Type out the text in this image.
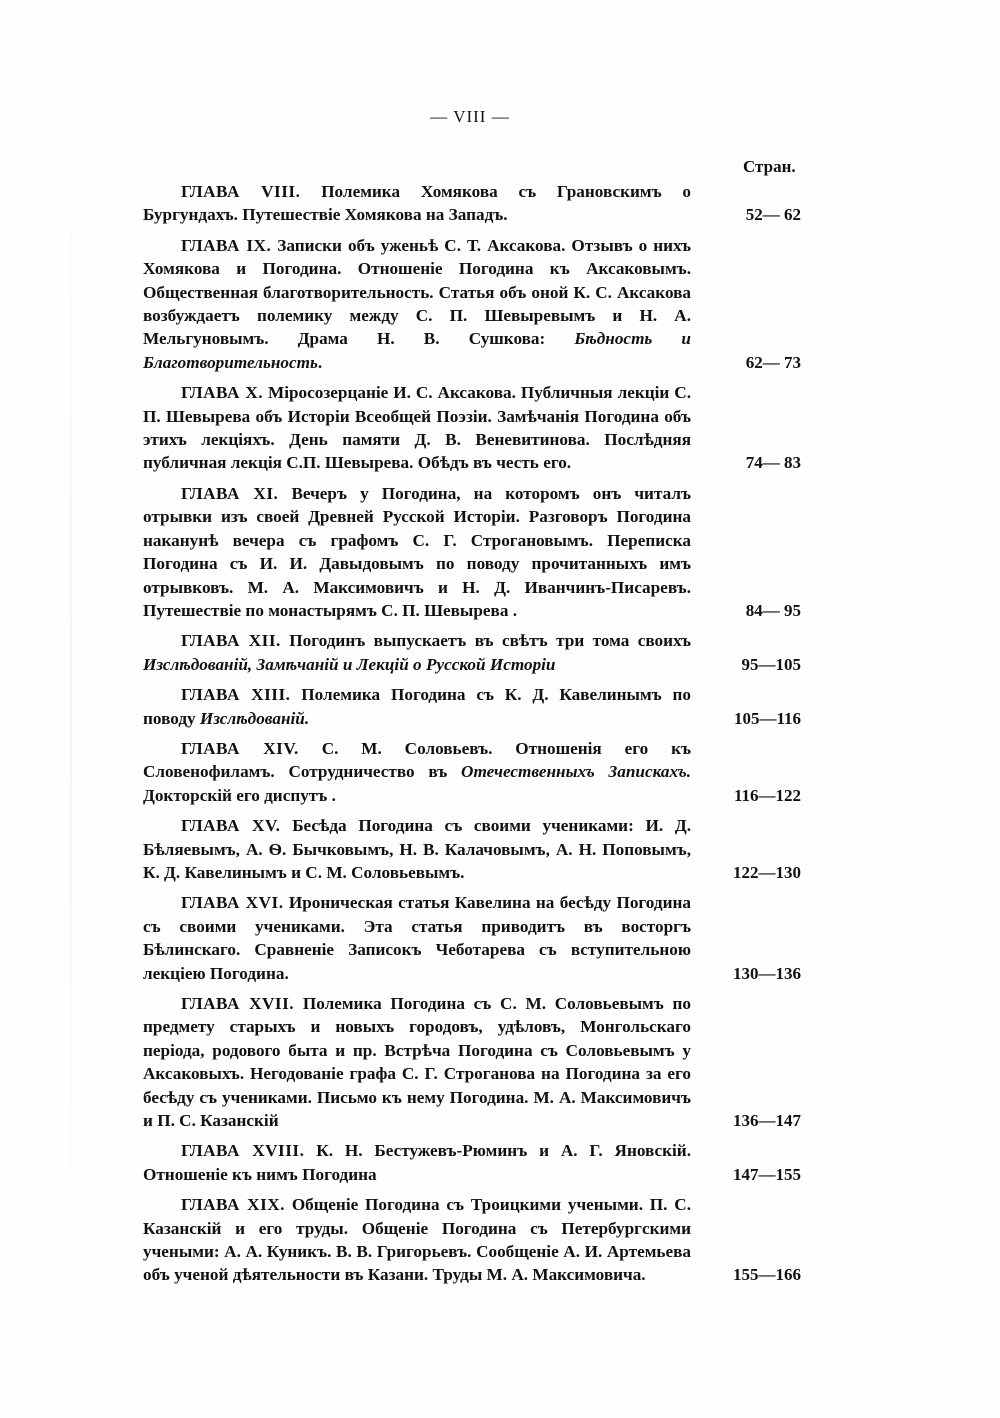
— VIII —
Стран.
ГЛАВА VIII. Полемика Хомякова съ Грановскимъ о Бургундахъ. Путешествіе Хомякова на Западъ.	52— 62
ГЛАВА IX. Записки объ уженьѣ С. Т. Аксакова. Отзывъ о нихъ Хомякова и Погодина. Отношеніе Погодина къ Аксаковымъ. Общественная благотворительность. Статья объ оной К. С. Аксакова возбуждаетъ полемику между С. П. Шевыревымъ и Н. А. Мельгуновымъ. Драма Н. В. Сушкова: Бѣдность и Благотворительность.	62— 73
ГЛАВА X. Міросозерцаніе И. С. Аксакова. Публичныя лекціи С. П. Шевырева объ Исторіи Всеобщей Поэзіи. Замѣчанія Погодина объ этихъ лекціяхъ. День памяти Д. В. Веневитинова. Послѣдняя публичная лекція С.П. Шевырева. Обѣдъ въ честь его.	74— 83
ГЛАВА XI. Вечеръ у Погодина, на которомъ онъ читалъ отрывки изъ своей Древней Русской Исторіи. Разговоръ Погодина наканунѣ вечера съ графомъ С. Г. Строгановымъ. Переписка Погодина съ И. И. Давыдовымъ по поводу прочитанныхъ имъ отрывковъ. М. А. Максимовичъ и Н. Д. Иванчинъ-Писаревъ. Путешествіе по монастырямъ С. П. Шевырева .	84— 95
ГЛАВА XII. Погодинъ выпускаетъ въ свѣтъ три тома своихъ Изслѣдованій, Замѣчаній и Лекцій о Русской Исторіи	95—105
ГЛАВА XIII. Полемика Погодина съ К. Д. Кавелинымъ по поводу Изслѣдованій.	105—116
ГЛАВА XIV. С. М. Соловьевъ. Отношенія его къ Словенофиламъ. Сотрудничество въ Отечественныхъ Запискахъ. Докторскій его диспутъ .	116—122
ГЛАВА XV. Бесѣда Погодина съ своими учениками: И. Д. Бѣляевымъ, А. Ѳ. Бычковымъ, Н. В. Калачовымъ, А. Н. Поповымъ, К. Д. Кавелинымъ и С. М. Соловьевымъ.	122—130
ГЛАВА XVI. Ироническая статья Кавелина на бесѣду Погодина съ своими учениками. Эта статья приводитъ въ восторгъ Бѣлинскаго. Сравненіе Записокъ Чеботарева съ вступительною лекціею Погодина.	130—136
ГЛАВА XVII. Полемика Погодина съ С. М. Соловьевымъ по предмету старыхъ и новыхъ городовъ, удѣловъ, Монгольскаго періода, родового быта и пр. Встрѣча Погодина съ Соловьевымъ у Аксаковыхъ. Негодованіе графа С. Г. Строганова на Погодина за его бесѣду съ учениками. Письмо къ нему Погодина. М. А. Максимовичъ и П. С. Казанскій	136—147
ГЛАВА XVIII. К. Н. Бестужевъ-Рюминъ и А. Г. Яновскій. Отношеніе къ нимъ Погодина	147—155
ГЛАВА XIX. Общеніе Погодина съ Троицкими учеными. П. С. Казанскій и его труды. Общеніе Погодина съ Петербургскими учеными: А. А. Куникъ. В. В. Григорьевъ. Сообщеніе А. И. Артемьева объ ученой дѣятельности въ Казани. Труды М. А. Максимовича.	155—166
